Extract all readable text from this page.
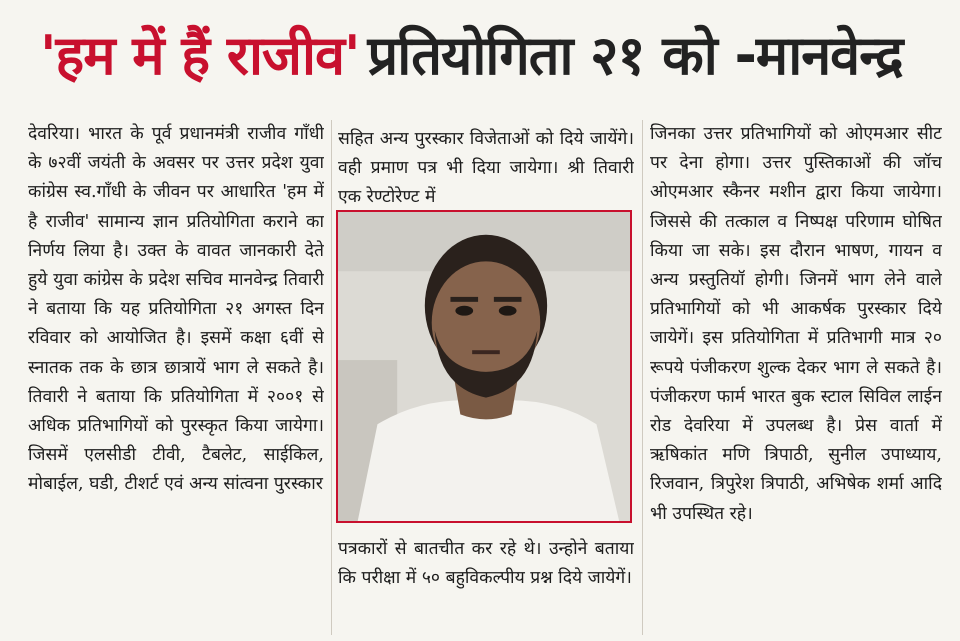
'हम में हैं राजीव' प्रतियोगिता २१ को -मानवेन्द्र

देवरिया। भारत के पूर्व प्रधानमंत्री राजीव गाँधी के ७२वीं जयंती के अवसर पर उत्तर प्रदेश युवा कांग्रेस स्व.गाँधी के जीवन पर आधारित 'हम में है राजीव' सामान्य ज्ञान प्रतियोगिता कराने का निर्णय लिया है। उक्त के वावत जानकारी देते हुये युवा कांग्रेस के प्रदेश सचिव मानवेन्द्र तिवारी ने बताया कि यह प्रतियोगिता २१ अगस्त दिन रविवार को आयोजित है। इसमें कक्षा ६वीं से स्नातक तक के छात्र छात्रायें भाग ले सकते है। तिवारी ने बताया कि प्रतियोगिता में २००१ से अधिक प्रतिभागियों को पुरस्कृत किया जायेगा। जिसमें एलसीडी टीवी, टैबलेट, साईकिल, मोबाईल, घडी, टीशर्ट एवं अन्य सांत्वना पुरस्कार

सहित अन्य पुरस्कार विजेताओं को दिये जायेंगे। वही प्रमाण पत्र भी दिया जायेगा। श्री तिवारी एक रेण्टोरेण्ट में

पत्रकारों से बातचीत कर रहे थे। उन्होने बताया कि परीक्षा में ५० बहुविकल्पीय प्रश्न दिये जायेगें।

जिनका उत्तर प्रतिभागियों को ओएमआर सीट पर देना होगा। उत्तर पुस्तिकाओं की जॉच ओएमआर स्कैनर मशीन द्वारा किया जायेगा। जिससे की तत्काल व निष्पक्ष परिणाम घोषित किया जा सके। इस दौरान भाषण, गायन व अन्य प्रस्तुतियॉ होगी। जिनमें भाग लेने वाले प्रतिभागियों को भी आकर्षक पुरस्कार दिये जायेगें। इस प्रतियोगिता में प्रतिभागी मात्र २० रूपये पंजीकरण शुल्क देकर भाग ले सकते है। पंजीकरण फार्म भारत बुक स्टाल सिविल लाईन रोड देवरिया में उपलब्ध है। प्रेस वार्ता में ऋषिकांत मणि त्रिपाठी, सुनील उपाध्याय, रिजवान, त्रिपुरेश त्रिपाठी, अभिषेक शर्मा आदि भी उपस्थित रहे।
